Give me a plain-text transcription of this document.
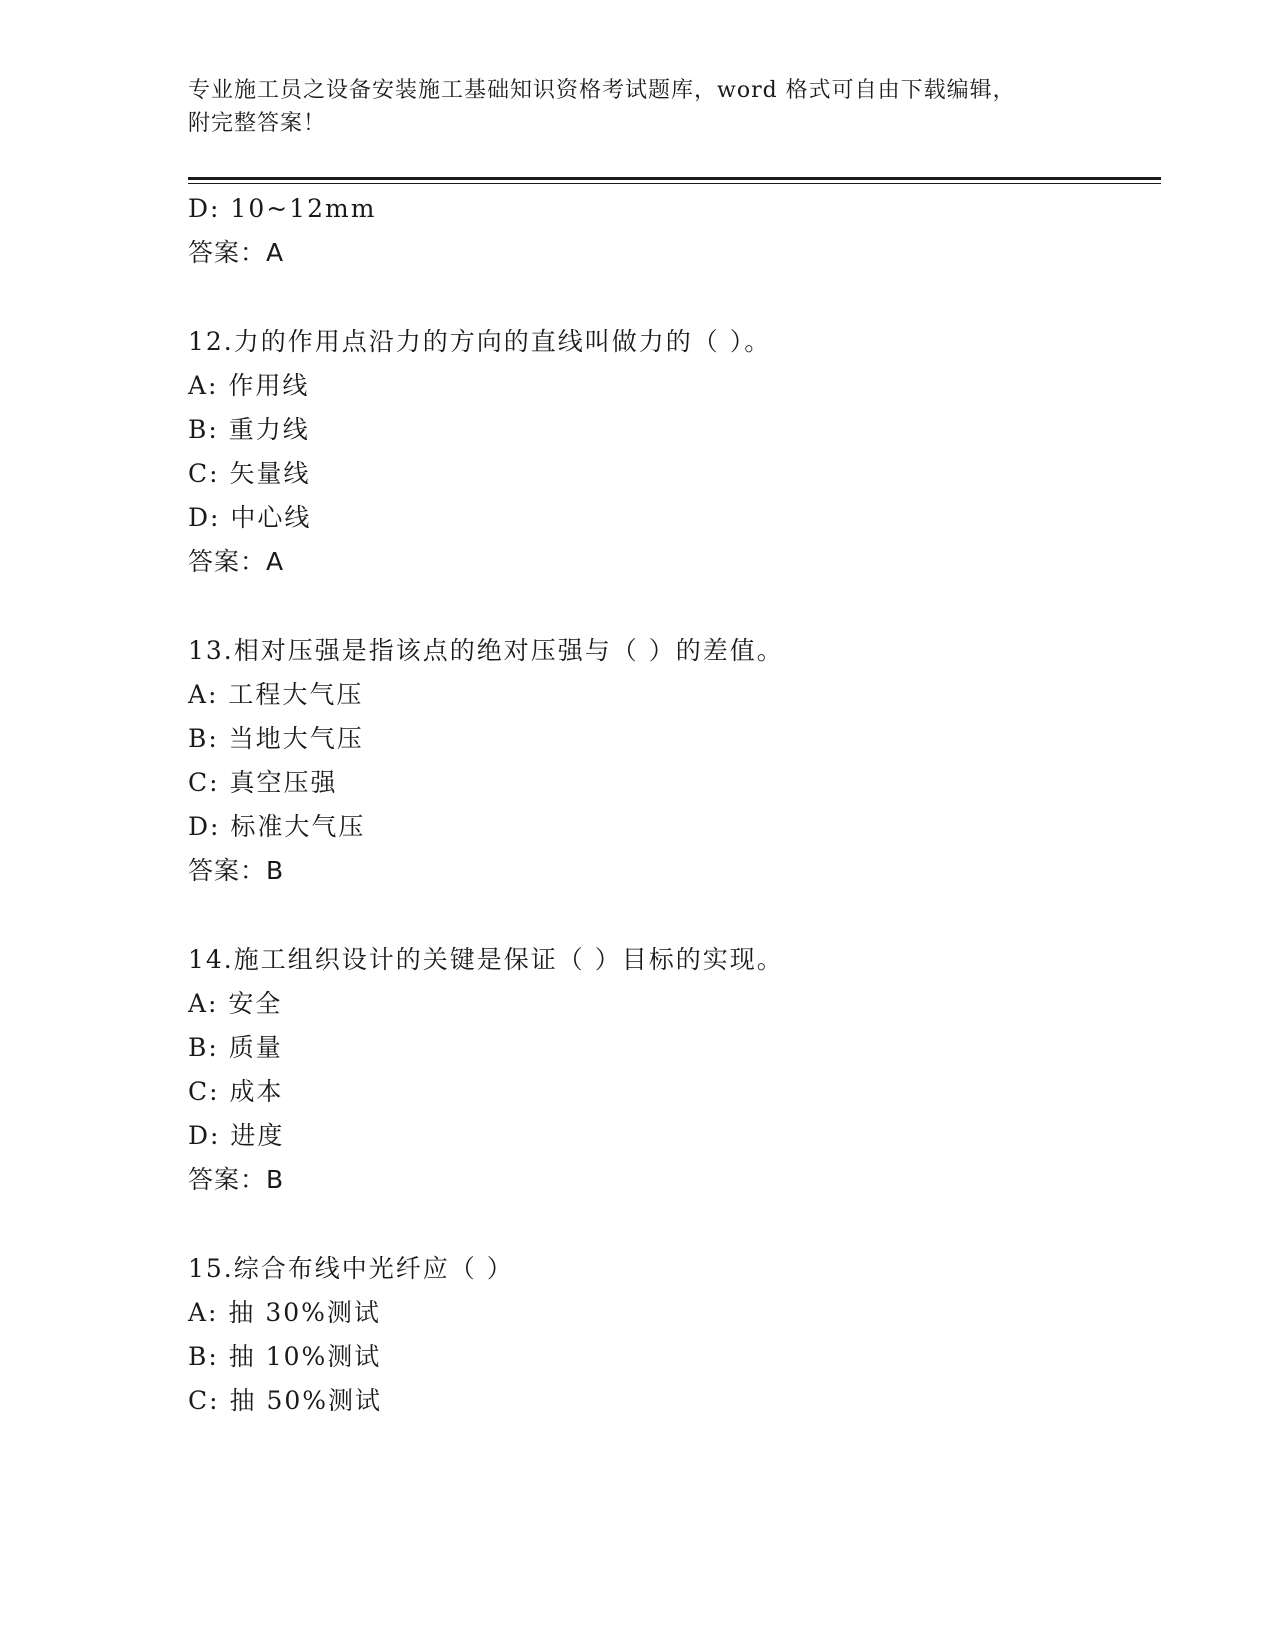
专业施工员之设备安装施工基础知识资格考试题库，word 格式可自由下载编辑，
附完整答案！
D: 10~12mm
答案：A
12.力的作用点沿力的方向的直线叫做力的（ ）。
A: 作用线
B: 重力线
C: 矢量线
D: 中心线
答案：A
13.相对压强是指该点的绝对压强与（ ）的差值。
A: 工程大气压
B: 当地大气压
C: 真空压强
D: 标准大气压
答案：B
14.施工组织设计的关键是保证（ ）目标的实现。
A: 安全
B: 质量
C: 成本
D: 进度
答案：B
15.综合布线中光纤应（ ）
A: 抽 30%测试
B: 抽 10%测试
C: 抽 50%测试
